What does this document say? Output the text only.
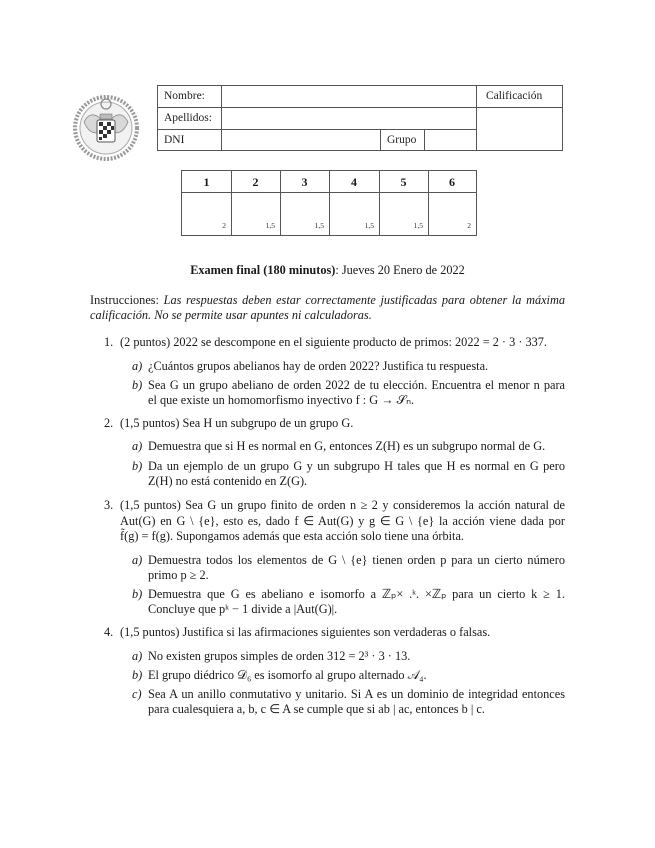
Nombre:
Apellidos:
DNI	Grupo
Calificación
1
2
2
1,5
3
1,5
4
1,5
5
1,5
6
2
Examen final (180 minutos): Jueves 20 Enero de 2022
Instrucciones: Las respuestas deben estar correctamente justificadas para obtener la máxima
calificación. No se permite usar apuntes ni calculadoras.
1. (2 puntos) 2022 se descompone en el siguiente producto de primos: 2022 = 2 · 3 · 337.
a) ¿Cuántos grupos abelianos hay de orden 2022? Justifica tu respuesta.
b) Sea G un grupo abeliano de orden 2022 de tu elección. Encuentra el menor n para
el que existe un homomorfismo inyectivo f : G → 𝒮ₙ.
2. (1,5 puntos) Sea H un subgrupo de un grupo G.
a) Demuestra que si H es normal en G, entonces Z(H) es un subgrupo normal de G.
b) Da un ejemplo de un grupo G y un subgrupo H tales que H es normal en G pero
Z(H) no está contenido en Z(G).
3. (1,5 puntos) Sea G un grupo finito de orden n ≥ 2 y consideremos la acción natural de
Aut(G) en G \ {e}, esto es, dado f ∈ Aut(G) y g ∈ G \ {e} la acción viene dada por
f̃(g) = f(g). Supongamos además que esta acción solo tiene una órbita.
a) Demuestra todos los elementos de G \ {e} tienen orden p para un cierto número
primo p ≥ 2.
b) Demuestra que G es abeliano e isomorfo a ℤₚ× .ᵏ. ×ℤₚ para un cierto k ≥ 1.
Concluye que pᵏ − 1 divide a |Aut(G)|.
4. (1,5 puntos) Justifica si las afirmaciones siguientes son verdaderas o falsas.
a) No existen grupos simples de orden 312 = 2³ · 3 · 13.
b) El grupo diédrico 𝒟₆ es isomorfo al grupo alternado 𝒜₄.
c) Sea A un anillo conmutativo y unitario. Si A es un dominio de integridad entonces
para cualesquiera a, b, c ∈ A se cumple que si ab | ac, entonces b | c.
